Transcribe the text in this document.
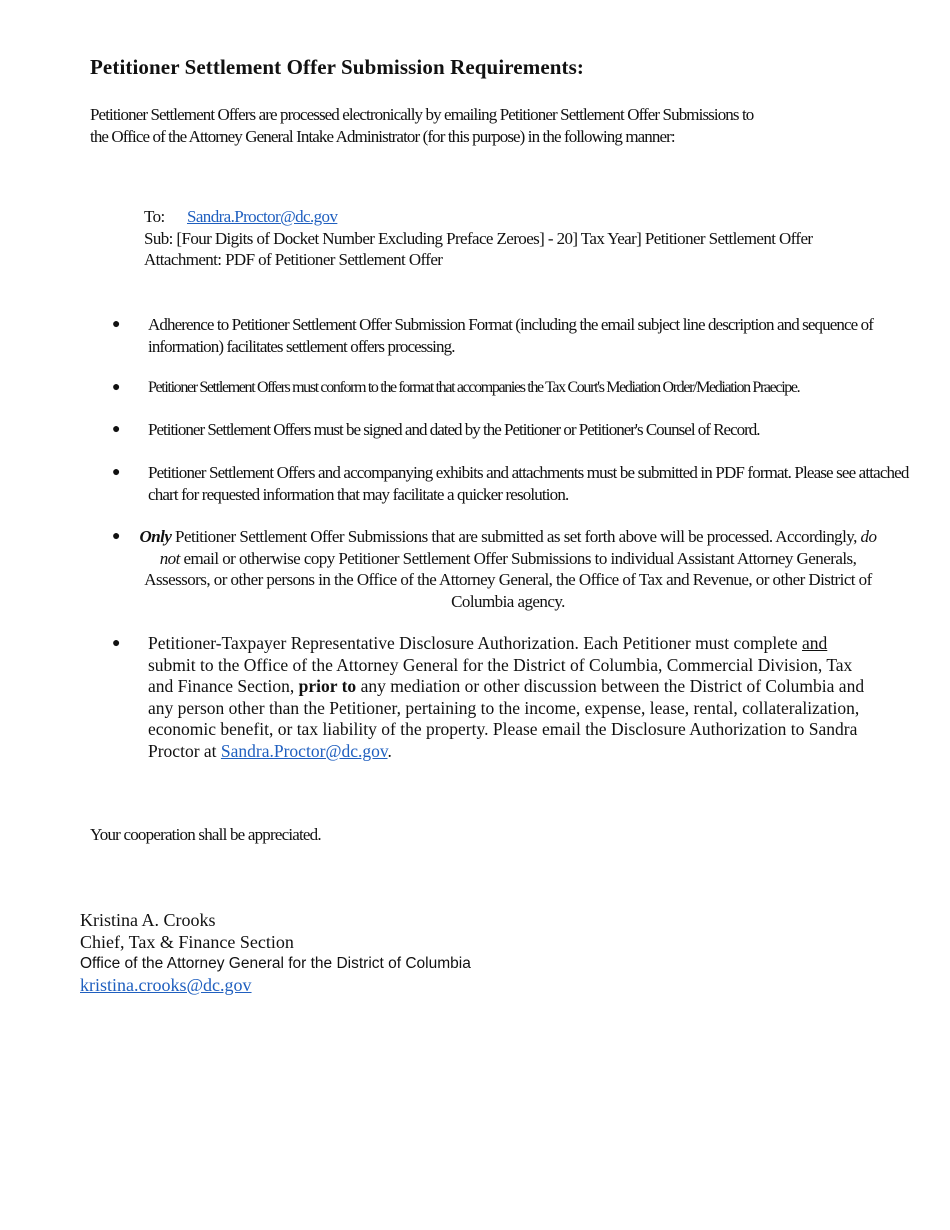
Petitioner Settlement Offer Submission Requirements:
Petitioner Settlement Offers are processed electronically by emailing Petitioner Settlement Offer Submissions to the Office of the Attorney General Intake Administrator (for this purpose) in the following manner:
To: Sandra.Proctor@dc.gov
Sub: [Four Digits of Docket Number Excluding Preface Zeroes] - 20] Tax Year] Petitioner Settlement Offer
Attachment: PDF of Petitioner Settlement Offer
● Adherence to Petitioner Settlement Offer Submission Format (including the email subject line description and sequence of information) facilitates settlement offers processing.
● Petitioner Settlement Offers must conform to the format that accompanies the Tax Court's Mediation Order/Mediation Praecipe.
● Petitioner Settlement Offers must be signed and dated by the Petitioner or Petitioner's Counsel of Record.
● Petitioner Settlement Offers and accompanying exhibits and attachments must be submitted in PDF format. Please see attached chart for requested information that may facilitate a quicker resolution.
●	Only Petitioner Settlement Offer Submissions that are submitted as set forth above will be processed. Accordingly, do not email or otherwise copy Petitioner Settlement Offer Submissions to individual Assistant Attorney Generals, Assessors, or other persons in the Office of the Attorney General, the Office of Tax and Revenue, or other District of Columbia agency.
● Petitioner-Taxpayer Representative Disclosure Authorization. Each Petitioner must complete and submit to the Office of the Attorney General for the District of Columbia, Commercial Division, Tax and Finance Section, prior to any mediation or other discussion between the District of Columbia and any person other than the Petitioner, pertaining to the income, expense, lease, rental, collateralization, economic benefit, or tax liability of the property. Please email the Disclosure Authorization to Sandra Proctor at Sandra.Proctor@dc.gov.
Your cooperation shall be appreciated.
Kristina A. Crooks
Chief, Tax & Finance Section
Office of the Attorney General for the District of Columbia
kristina.crooks@dc.gov
